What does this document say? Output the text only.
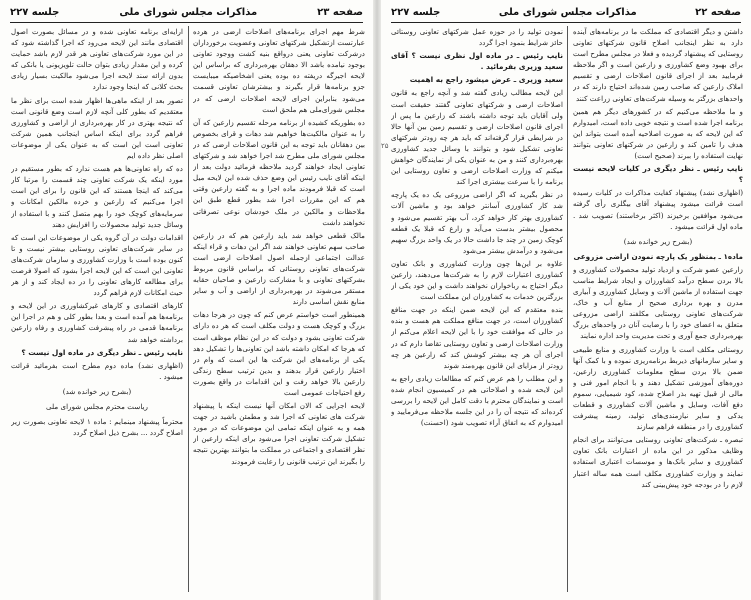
صفحه ۲۳
مذاکرات مجلس شورای ملی
جلسه ۲۲۷

شرط مهم اجرای برنامه‌های اصلاحات ارضی در هرده عبارتست ازتشکیل شرکتهای تعاونی وعضویت برخورداران درشرکت تعاونی یعنی درواقع بنیه کشت ووجود تعاونی بوجود نیامده باشد الا دهقان بهره‌برداری که براساس این لایحه اجیرگه دریفته ده بوده یعنی اشخاصیکه میبایست جزو برنامه‌ها قرار بگیرند و بیشترشان تعاونی قسمت می‌شود بنابراین اجرای لایحه اصلاحات ارضی که در مجلس شورای‌ملی هم ملحق است

ده بطوریکه کشیده از برنامه مرحله تقسیم زارعین که آن را به عنوان مالکیت‌ها خواهیم شد دهات و قرای بخصوص بین دهقانان باید توجه به این قانون اصلاحات ارضی که در مجلس شورای ملی مطرح شد اجرا خواهد شد و شرکتهای تعاونی ایجاد خواهند گردید ملاحظه فرمائید دولت بعد از اینکه آقای نایب رئیس این وضع حذف شده این لایحه میل است که قبلا فرمودند ماده اجرا و به گفته زارعین وقتی هم که این مقررات اجرا شد بطور قطع طبق این ملاحظات و مالکین در ملک خودشان نوعی تصرفاتی نخواهند داشت

مالک قطعی خواهد شد باید زارعین هم که در زارعین صاحب سهم تعاونی خواهند شد اگر این دهات و قراء اینکه عدالت اجتماعی ازجمله اصول اصلاحات ارضی است شرکت‌های تعاونی روستائی که براساس قانون مربوط بشرکتهای تعاونی و با مشارکت زارعین و صاحبان حقابه مستقر می‌شوند در بهره‌برداری از اراضی و آب و سایر منابع نقش اساسی دارند

همینطور است خواستم عرض کنم که چون در هرجا دهات بزرگ و کوچک هست و دولت مکلف است که هر ده دارای شرکت تعاونی بشود و دولت که در این نظام موظف است که هرجا که امکان داشته باشد این تعاونی‌ها را تشکیل دهد یکی از برنامه‌های این شرکت ها این است که وام در اختیار زارعین قرار بدهند و بدین ترتیب سطح زندگی زارعین بالا خواهد رفت و این اقدامات در واقع بصورت رفع احتیاجات عمومی است

لایحه اجرایی که الان امکان آنها نیست اینکه با پیشنهاد شرکت های تعاونی که اجرا شد و مطمئن باشید در جهت همه و به عنوان اینکه تمامی این موضوعات که در مورد تشکیل شرکت تعاونی اجرا می‌شود برای اینکه زارعین از نظر اقتصادی و اجتماعی در مملکت ما بتوانند بهترین نتیجه را بگیرند این ترتیب قانونی را رعایت فرمودند

ارایه‌ای برنامه تعاونی شده و در مسائل بصورت اصول اقتصادی مانند این لایحه می‌رود که اجرا گذاشته شود که در این مورد شرکت‌های تعاونی هر قدر لازم باشد حمایت کرده و این مقدار زیادی بتوان حالت تلویزیونی یا بانکی که بدون ارائه سند لایحه اجرا می‌شود مالکیت بسیار زیادی بحث کلانی که اینجا وجود ندارد

تصور بعد از اینکه ماهی‌ها اظهار شده است برای نظر ما معتقدیم که بطور کلی آنچه لازم است وضع قانونی است که نتیجه بهتری در کار بهره‌برداری از اراضی و کشاورزی فراهم گردد برای اینکه اساس اینجانب همین شرکت تعاونی است این است که به عنوان یکی از موضوعات اصلی نظر داده ایم

ده که راه تعاونی‌ها هم هست ندارد که بطور مستقیم در مورد اینکه یک شرکت تعاونی چند قسمت را مرتبا کار می‌کند که اینجا هستند که این قانون را برای این است اجرا می‌کنیم که زارعین و خرده مالکین امکانات و سرمایه‌های کوچک خود را بهم متصل کنند و با استفاده از وسائل جدید تولید محصولات را افزایش دهند

اقدامات دولت در آن گروه یکی از موضوعات این است که در سایر شرکت‌های تعاونی روستایی بیشتر نیست و تا کنون بوده است با وزارت کشاورزی و سازمان شرکت‌های تعاونی این است که این لایحه اجرا بشود که اصولا فرصت برای مطالعه کارهای تعاونی را در ده ایجاد کند و از هر حیث امکانات لازم فراهم گردد

کارهای اقتصادی و کارهای غیرکشاورزی در این لایحه و برنامه‌ها هم آمده است و بعدا بطور کلی و هم در اجرا این برنامه‌ها قدمی در راه پیشرفت کشاورزی و رفاه زارعین برداشته خواهد شد

نایب رئیس ـ نظر دیگری در ماده اول نیست ؟

(اظهاری نشد) ماده دوم مطرح است بفرمائید قرائت میشود .

(بشرح زیر خوانده شد)

ریاست محترم مجلس شورای ملی

محترماً پیشنهاد مینمایم : ماده ۱ لایحه تعاونی بصورت زیر اصلاح گردد ... بشرح ذیل اصلاح گردد

صفحه ۲۲
مذاکرات مجلس شورای ملی
جلسه ۲۲۷

داشتن و دیگر اقتصادی که مملکت ما در برنامه‌های آینده دارد به نظر اینجانب اصلاح قانون شرکتهای تعاونی روستایی که پیشنهاد گردیده و فعلا در مجلس مطرح است برای بهبود وضع کشاورزی و زارعین است و اگر ملاحظه فرمایید بعد از اجرای قانون اصلاحات ارضی و تقسیم املاک زارعین که صاحب زمین شده‌اند احتیاج دارند که در واحدهای بزرگتر به وسیله شرکت‌های تعاونی زراعت کنند

و ما ملاحظه می‌کنیم که در کشورهای دیگر هم همین برنامه اجرا شده است و نتیجه خوبی داده است، امیدوارم که این لایحه که به صورت اصلاحیه آمده است بتواند این هدف را تامین کند و زارعین در شرکتهای تعاونی بتوانند نهایت استفاده را ببرند (صحیح است)

نایب رئیس ـ نظر دیگری در کلیات لایحه نیست ؟

(اظهاری نشد) پیشنهاد کفایت مذاکرات در کلیات رسیده است قرائت میشود پیشنهاد آقای بیگلری رأی گرفته می‌شود موافقین برخیزند (اکثر برخاستند) تصویب شد . ماده اول قرائت میشود .

(بشرح زیر خوانده شد)

ماده۱ ـ بمنظور یک پارچه نمودن اراضی مزروعی

زارعین عضو شرکت و ازدیاد تولید محصولات کشاورزی و بالا بردن سطح درآمد کشاورزان و ایجاد شرایط مناسب جهت استفاده از ماشین آلات و وسایل کشاورزی و آبیاری مدرن و بهره برداری صحیح از منابع آب و خاک، شرکت‌های تعاونی روستایی مکلفند اراضی مزروعی متعلق به اعضای خود را با رضایت آنان در واحدهای بزرگ بهره‌برداری جمع آوری و تحت مدیریت واحد اداره نمایند

روستائی مکلف است با وزارت کشاورزی و منابع طبیعی و سایر سازمانهای ذیربط برنامه‌ریزی نموده و با کمک آنها ضمن بالا بردن سطح معلومات کشاورزی زارعین، دوره‌های آموزشی تشکیل دهند و با انجام امور فنی و مالی از قبیل تهیه بذر اصلاح شده، کود شیمیایی، سموم دفع آفات، وسایل و ماشین آلات کشاورزی و قطعات یدکی و سایر نیازمندی‌های تولید، زمینه پیشرفت کشاورزی را در منطقه فراهم سازند

تبصره ـ شرکت‌های تعاونی روستایی می‌توانند برای انجام وظایف مذکور در این ماده از اعتبارات بانک تعاون کشاورزی و سایر بانک‌ها و موسسات اعتباری استفاده نمایند و وزارت کشاورزی مکلف است همه ساله اعتبار لازم را در بودجه خود پیش‌بینی کند

نمودن تولید را در حوزه عمل شرکتهای تعاونی روستائی حائز شرایط بنمود اجرا گردد

نایب رئیس ـ در ماده اول نظری نیست ؟ آقای سعید وزیری بفرمائید .

سعید وزیری ـ عرض میشود راجع به اهمیت

این لایحه مطالب زیادی گفته شد و آنچه راجع به قانون اصلاحات ارضی و شرکتهای تعاونی گفتند حقیقت است ولی آقایان باید توجه داشته باشند که زارعین ما پس از اجرای قانون اصلاحات ارضی و تقسیم زمین بین آنها حالا در شرایطی قرار گرفته‌اند که باید هر چه زودتر شرکتهای تعاونی تشکیل شود و بتوانند با وسائل جدید کشاورزی بهره‌برداری کنند و من به عنوان یکی از نمایندگان خواهش میکنم که وزارت اصلاحات ارضی و تعاون روستایی این برنامه را با سرعت بیشتری اجرا کند

در نظر بگیرید که اگر اراضی مزروعی یک ده یک پارچه شد کار کشاورزی آسانتر خواهد بود و ماشین آلات کشاورزی بهتر کار خواهد کرد، آب بهتر تقسیم می‌شود و محصول بیشتر بدست می‌آید و زارع که قبلا یک قطعه کوچک زمین در چند جا داشت حالا در یک واحد بزرگ سهیم می‌شود و درآمدش بیشتر می‌شود

علاوه بر این‌ها چون وزارت کشاورزی و بانک تعاون کشاورزی اعتبارات لازم را به شرکت‌ها می‌دهند، زارعین دیگر احتیاج به رباخواران نخواهند داشت و این خود یکی از بزرگترین خدمات به کشاورزان این مملکت است

بنده معتقدم که این لایحه ضمن اینکه در جهت منافع کشاورزان است، در جهت منافع مملکت هم هست و بنده در حالی که موافقت خود را با این لایحه اعلام می‌کنم از وزارت اصلاحات ارضی و تعاون روستایی تقاضا دارم که در اجرای آن هر چه بیشتر کوشش کند که زارعین هر چه زودتر از مزایای این قانون بهره‌مند شوند

و این مطلب را هم عرض کنم که مطالعات زیادی راجع به این لایحه شده و اصلاحاتی هم در کمیسیون انجام شده است و نمایندگان محترم با دقت کامل این لایحه را بررسی کرده‌اند که نتیجه آن را در این جلسه ملاحظه می‌فرمایید و امیدوارم که به اتفاق آراء تصویب شود (احسنت)

۲۵
